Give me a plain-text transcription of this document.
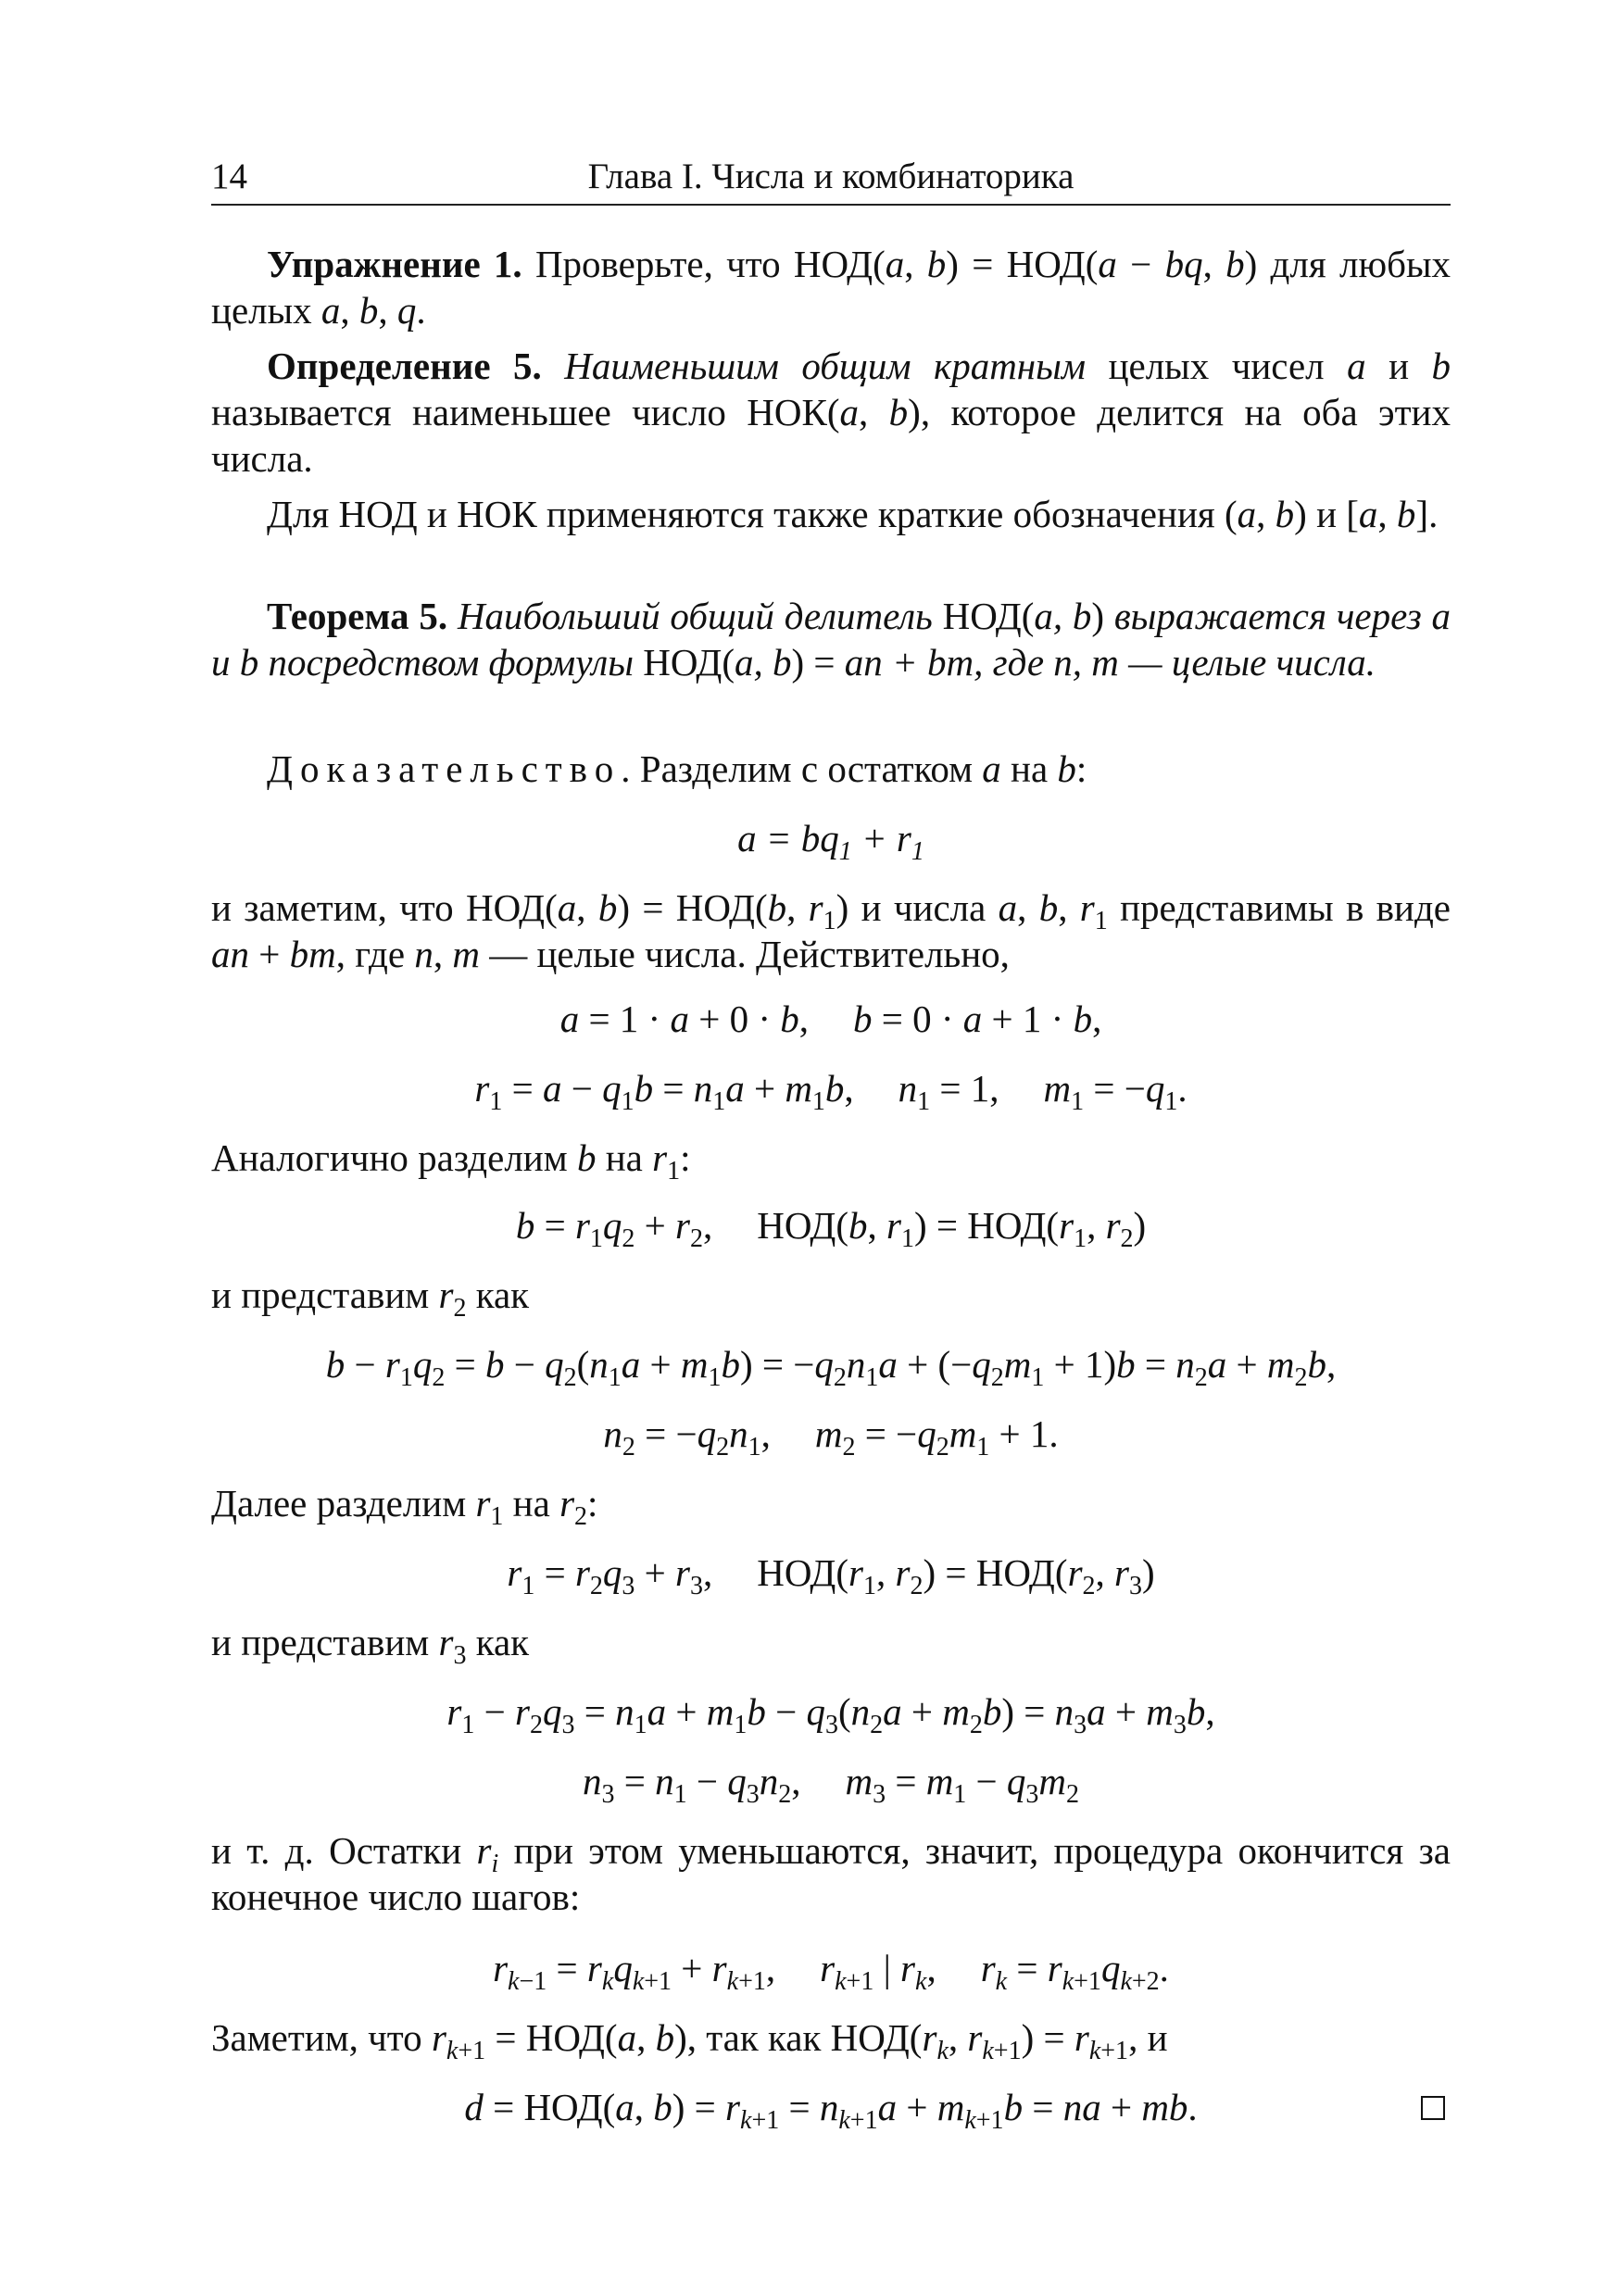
14	Глава I. Числа и комбинаторика
Упражнение 1. Проверьте, что НОД(a, b) = НОД(a − bq, b) для любых целых a, b, q.
Определение 5. Наименьшим общим кратным целых чисел a и b называется наименьшее число НОК(a, b), которое делится на оба этих числа.
Для НОД и НОК применяются также краткие обозначения (a, b) и [a, b].
Теорема 5. Наибольший общий делитель НОД(a, b) выражается через a и b посредством формулы НОД(a, b) = an + bm, где n, m — целые числа.
Доказательство. Разделим с остатком a на b:
$a = bq_1 + r_1$
и заметим, что НОД(a, b) = НОД(b, $r_1$) и числа a, b, $r_1$ представимы в виде an + bm, где n, m — целые числа. Действительно,
a = 1 · a + 0 · b, b = 0 · a + 1 · b,
$r_1 = a - q_1b = n_1a + m_1b$, $n_1 = 1$, $m_1 = -q_1$.
Аналогично разделим b на $r_1$:
$b = r_1q_2 + r_2$, НОД(b, $r_1) = НОД(r_1$, $r_2$)
и представим $r_2$ как
$b - r_1q_2 = b - q_2(n_1a + m_1b) = -q_2n_1a + (-q_2m_1 + 1)b = n_2a + m_2b$,
$n_2 = -q_2n_1$, $m_2 = -q_2m_1 + 1$.
Далее разделим $r_1$ на $r_2$:
$r_1 = r_2q_3 + r_3$, $НОД(r_1$, $r_2) = НОД(r_2$, $r_3$)
и представим $r_3$ как
$r_1 - r_2q_3 = n_1a + m_1b - q_3(n_2a + m_2b) = n_3a + m_3b$,
$n_3 = n_1 - q_3n_2$, $m_3 = m_1 - q_3m_2$
и т. д. Остатки $r_i$ при этом уменьшаются, значит, процедура окончится за конечное число шагов:
$r_{k-1} = r_kq_{k+1} + r_{k+1}$, $r_{k+1}$ | $r_k$, $r_k = r_{k+1}q_{k+2}$.
Заметим, что $r_{k+1} = НОД(a$, b), так как $НОД(r_k$, $r_{k+1}) = r_{k+1}$, и
d = НОД(a, $b) = r_{k+1} = n_{k+1}a + m_{k+1}b$ = na + mb.
